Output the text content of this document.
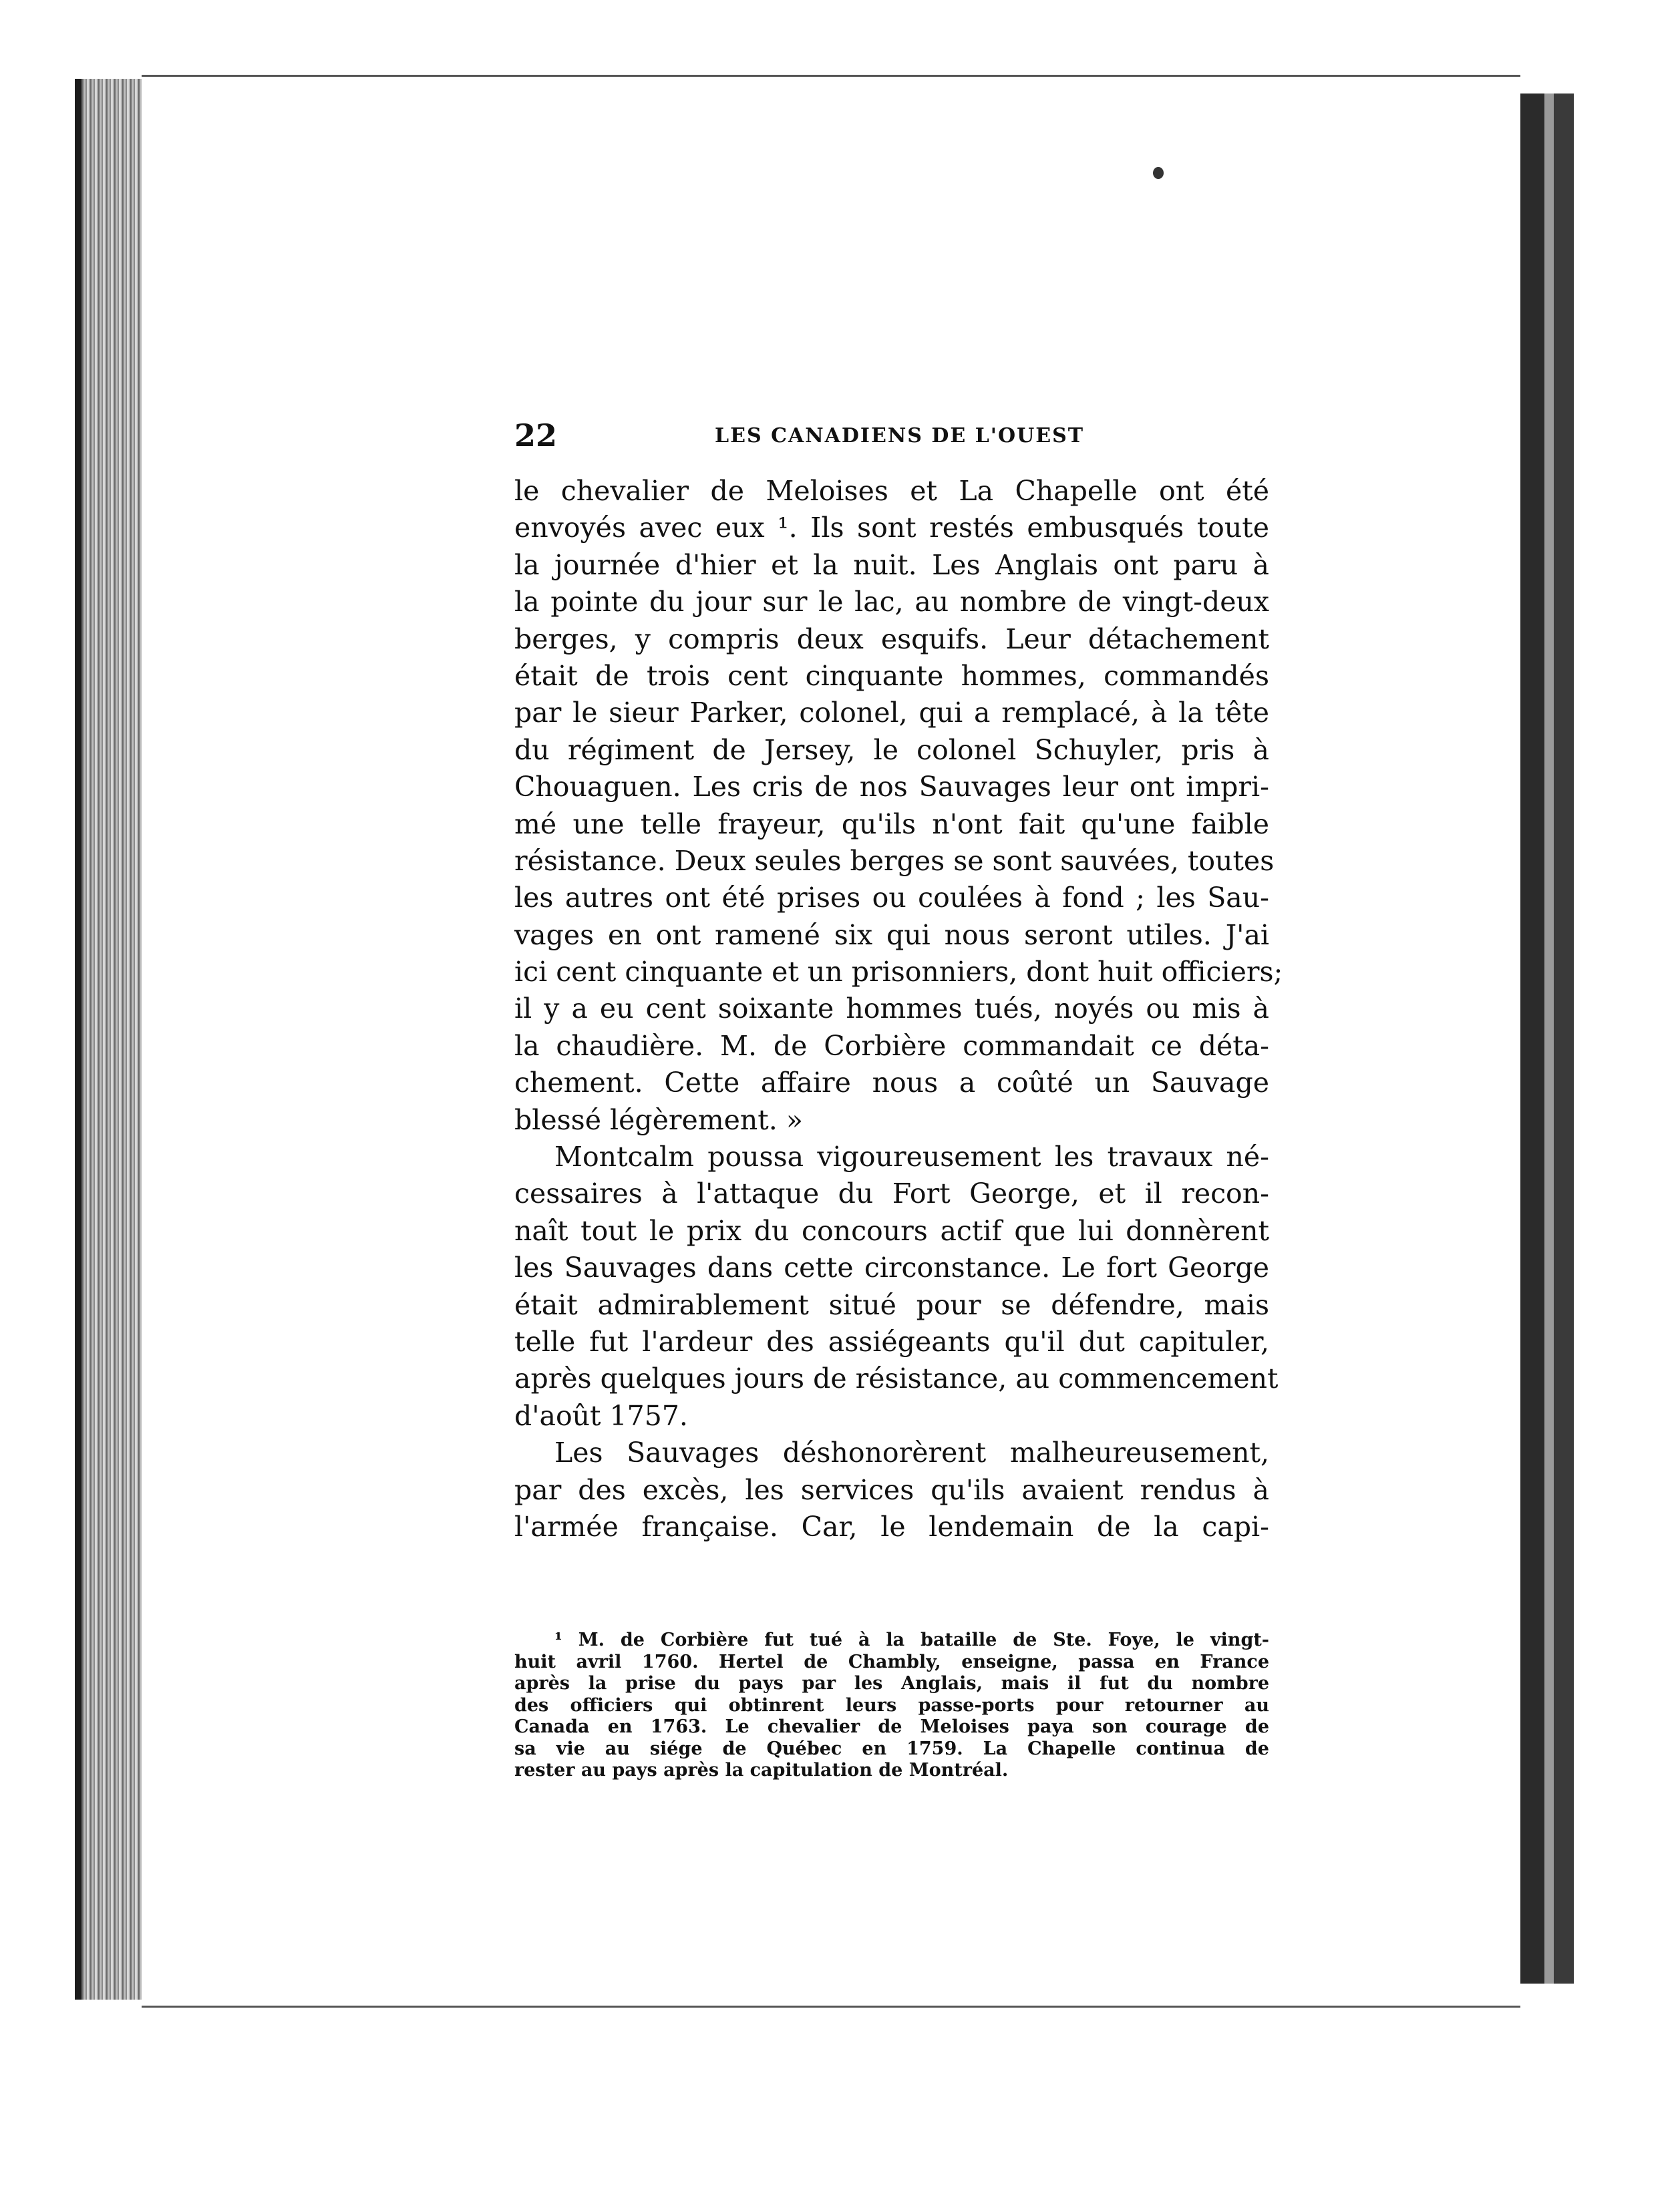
22	LES CANADIENS DE L'OUEST
le chevalier de Meloises et La Chapelle ont été
envoyés avec eux ¹. Ils sont restés embusqués toute
la journée d'hier et la nuit. Les Anglais ont paru à
la pointe du jour sur le lac, au nombre de vingt-deux
berges, y compris deux esquifs. Leur détachement
était de trois cent cinquante hommes, commandés
par le sieur Parker, colonel, qui a remplacé, à la tête
du régiment de Jersey, le colonel Schuyler, pris à
Chouaguen. Les cris de nos Sauvages leur ont impri-
mé une telle frayeur, qu'ils n'ont fait qu'une faible
résistance. Deux seules berges se sont sauvées, toutes
les autres ont été prises ou coulées à fond ; les Sau-
vages en ont ramené six qui nous seront utiles. J'ai
ici cent cinquante et un prisonniers, dont huit officiers;
il y a eu cent soixante hommes tués, noyés ou mis à
la chaudière. M. de Corbière commandait ce déta-
chement. Cette affaire nous a coûté un Sauvage
blessé légèrement. »
Montcalm poussa vigoureusement les travaux né-
cessaires à l'attaque du Fort George, et il recon-
naît tout le prix du concours actif que lui donnèrent
les Sauvages dans cette circonstance. Le fort George
était admirablement situé pour se défendre, mais
telle fut l'ardeur des assiégeants qu'il dut capituler,
après quelques jours de résistance, au commencement
d'août 1757.
Les Sauvages déshonorèrent malheureusement,
par des excès, les services qu'ils avaient rendus à
l'armée française. Car, le lendemain de la capi-
¹ M. de Corbière fut tué à la bataille de Ste. Foye, le vingt-
huit avril 1760. Hertel de Chambly, enseigne, passa en France
après la prise du pays par les Anglais, mais il fut du nombre
des officiers qui obtinrent leurs passe-ports pour retourner au
Canada en 1763. Le chevalier de Meloises paya son courage de
sa vie au siége de Québec en 1759. La Chapelle continua de
rester au pays après la capitulation de Montréal.
